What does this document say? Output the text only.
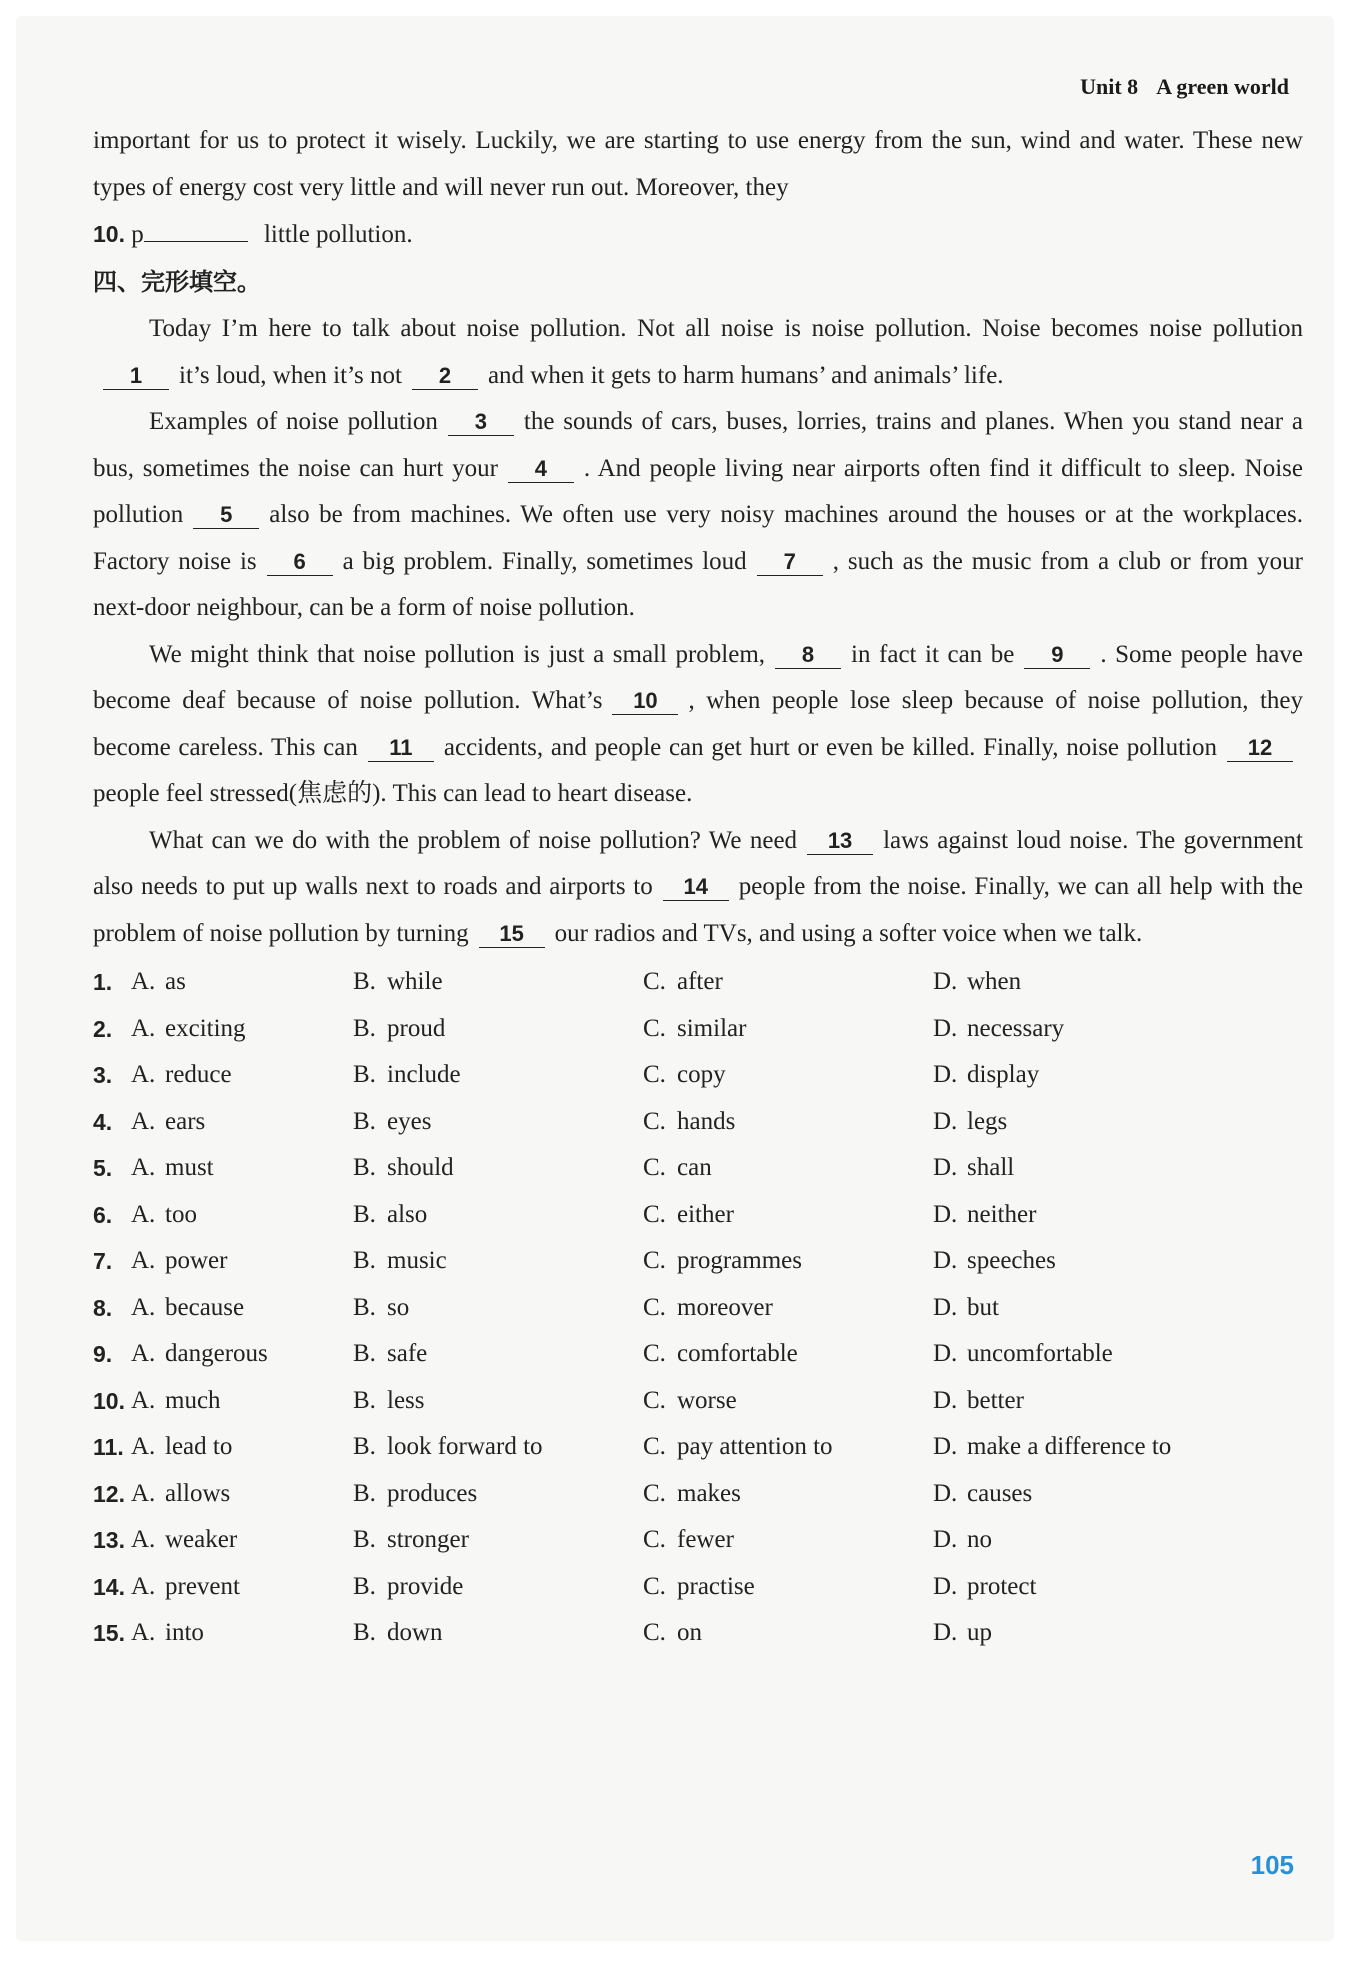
Unit 8 A green world

important for us to protect it wisely. Luckily, we are starting to use energy from the sun, wind and water. These new types of energy cost very little and will never run out. Moreover, they
10. p	little pollution.

四、完形填空。

Today I’m here to talk about noise pollution. Not all noise is noise pollution. Noise becomes noise pollution1 it’s loud, when it’s not 2 and when it gets to harm humans’ and animals’ life.

Examples of noise pollution 3 the sounds of cars, buses, lorries, trains and planes. When you stand near a bus, sometimes the noise can hurt your 4 . And people living near airports often find it difficult to sleep. Noise pollution 5 also be from machines. We often use very noisy machines around the houses or at the workplaces. Factory noise is 6 a big problem. Finally, sometimes loud 7 , such as the music from a club or from your next-door neighbour, can be a form of noise pollution.

We might think that noise pollution is just a small problem, 8 in fact it can be 9 . Some people have become deaf because of noise pollution. What’s 10 , when people lose sleep because of noise pollution, they become careless. This can 11 accidents, and people can get hurt or even be killed. Finally, noise pollution 12people feel stressed(焦虑的). This can lead to heart disease.

What can we do with the problem of noise pollution? We need 13 laws against loud noise. The government also needs to put up walls next to roads and airports to 14 people from the noise. Finally, we can all help with the problem of noise pollution by turning 15 our radios and TVs, and using a softer voice when we talk.

1. A. as	B. while	C. after	D. when
2. A. exciting	B. proud	C. similar	D. necessary
3. A. reduce	B. include	C. copy	D. display
4. A. ears	B. eyes	C. hands	D. legs
5. A. must	B. should	C. can	D. shall
6. A. too	B. also	C. either	D. neither
7. A. power	B. music	C. programmes	D. speeches
8. A. because	B. so	C. moreover	D. but
9. A. dangerous	B. safe	C. comfortable	D. uncomfortable
10. A. much	B. less	C. worse	D. better
11. A. lead to	B. look forward to	C. pay attention to	D. make a difference to
12. A. allows	B. produces	C. makes	D. causes
13. A. weaker	B. stronger	C. fewer	D. no
14. A. prevent	B. provide	C. practise	D. protect
15. A. into	B. down	C. on	D. up
105
